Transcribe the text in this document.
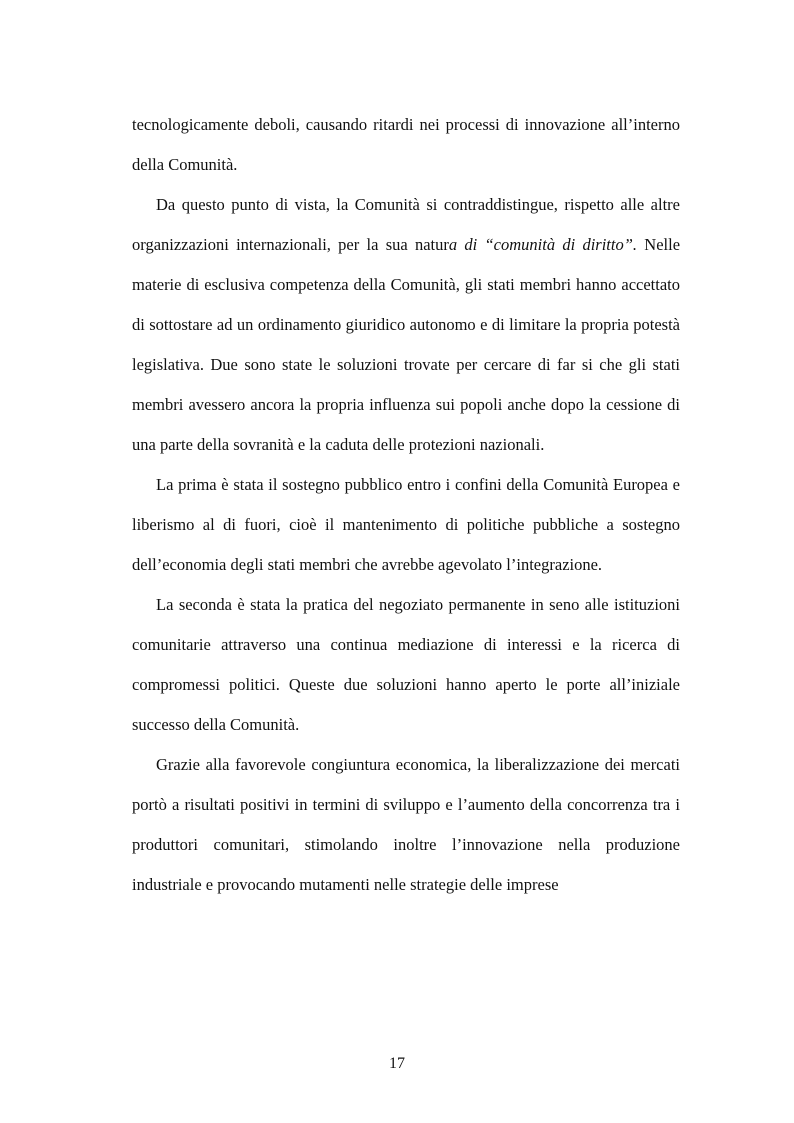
tecnologicamente deboli, causando ritardi nei processi di innovazione all’interno della Comunità.

Da questo punto di vista, la Comunità si contraddistingue, rispetto alle altre organizzazioni internazionali, per la sua natura di “comunità di diritto”. Nelle materie di esclusiva competenza della Comunità, gli stati membri hanno accettato di sottostare ad un ordinamento giuridico autonomo e di limitare la propria potestà legislativa. Due sono state le soluzioni trovate per cercare di far si che gli stati membri avessero ancora la propria influenza sui popoli anche dopo la cessione di una parte della sovranità e la caduta delle protezioni nazionali.

La prima è stata il sostegno pubblico entro i confini della Comunità Europea e liberismo al di fuori, cioè il mantenimento di politiche pubbliche a sostegno dell’economia degli stati membri che avrebbe agevolato l’integrazione.

La seconda è stata la pratica del negoziato permanente in seno alle istituzioni comunitarie attraverso una continua mediazione di interessi e la ricerca di compromessi politici. Queste due soluzioni hanno aperto le porte all’iniziale successo della Comunità.

Grazie alla favorevole congiuntura economica, la liberalizzazione dei mercati portò a risultati positivi in termini di sviluppo e l’aumento della concorrenza tra i produttori comunitari, stimolando inoltre l’innovazione nella produzione industriale e provocando mutamenti nelle strategie delle imprese

17
